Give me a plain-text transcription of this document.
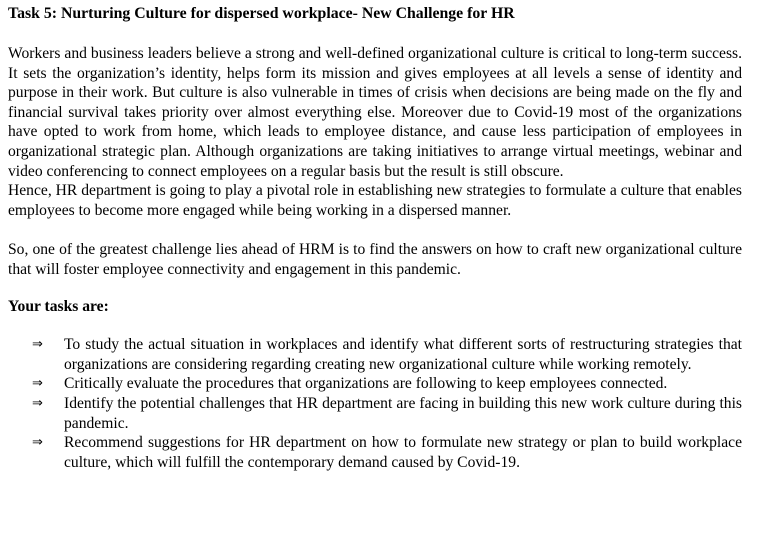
Task 5: Nurturing Culture for dispersed workplace- New Challenge for HR

Workers and business leaders believe a strong and well-defined organizational culture is critical to long-term success. It sets the organization’s identity, helps form its mission and gives employees at all levels a sense of identity and purpose in their work. But culture is also vulnerable in times of crisis when decisions are being made on the fly and financial survival takes priority over almost everything else. Moreover due to Covid-19 most of the organizations have opted to work from home, which leads to employee distance, and cause less participation of employees in organizational strategic plan. Although organizations are taking initiatives to arrange virtual meetings, webinar and video conferencing to connect employees on a regular basis but the result is still obscure.

Hence, HR department is going to play a pivotal role in establishing new strategies to formulate a culture that enables employees to become more engaged while being working in a dispersed manner.

So, one of the greatest challenge lies ahead of HRM is to find the answers on how to craft new organizational culture that will foster employee connectivity and engagement in this pandemic.

Your tasks are:
⇒ To study the actual situation in workplaces and identify what different sorts of restructuring strategies that organizations are considering regarding creating new organizational culture while working remotely.
⇒ Critically evaluate the procedures that organizations are following to keep employees connected.
⇒ Identify the potential challenges that HR department are facing in building this new work culture during this pandemic.
⇒ Recommend suggestions for HR department on how to formulate new strategy or plan to build workplace culture, which will fulfill the contemporary demand caused by Covid-19.
